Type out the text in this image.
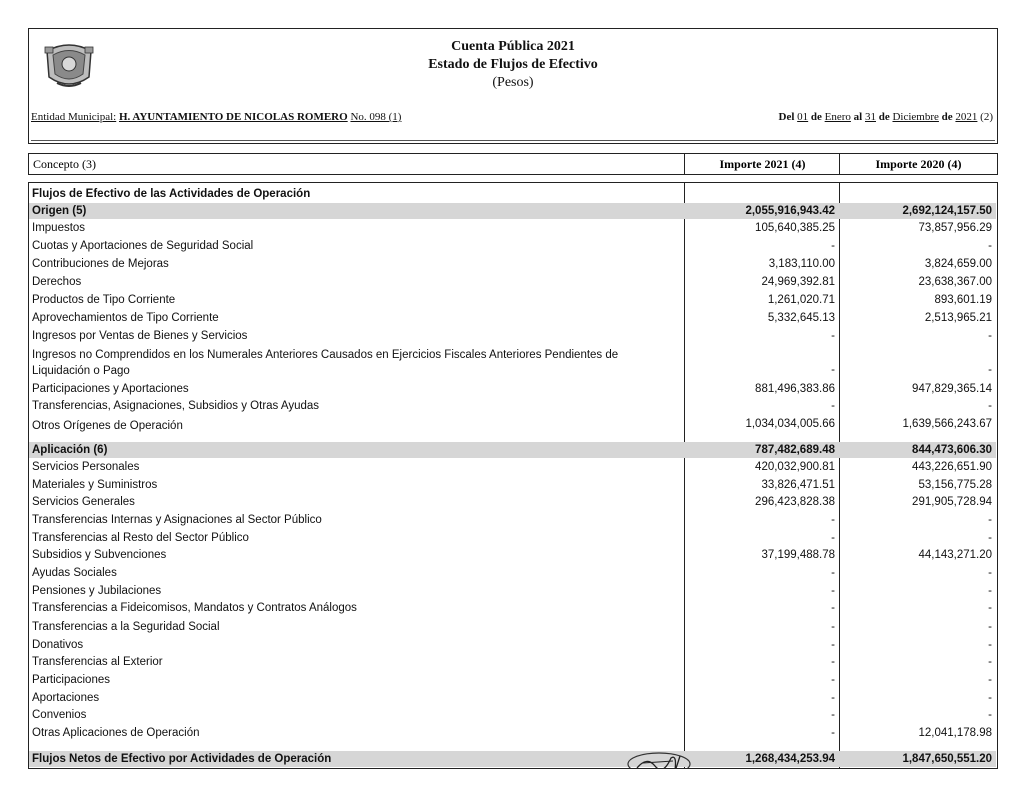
Cuenta Pública 2021
Estado de Flujos de Efectivo
(Pesos)
Entidad Municipal: H. AYUNTAMIENTO DE NICOLAS ROMERO No. 098 (1)	Del 01 de Enero al 31 de Diciembre de 2021 (2)
Concepto (3)	Importe 2021 (4)	Importe 2020 (4)
Flujos de Efectivo de las Actividades de Operación
Origen (5)	2,055,916,943.42	2,692,124,157.50
Impuestos	105,640,385.25	73,857,956.29
Cuotas y Aportaciones de Seguridad Social	-	-
Contribuciones de Mejoras	3,183,110.00	3,824,659.00
Derechos	24,969,392.81	23,638,367.00
Productos de Tipo Corriente	1,261,020.71	893,601.19
Aprovechamientos de Tipo Corriente	5,332,645.13	2,513,965.21
Ingresos por Ventas de Bienes y Servicios	-	-
Ingresos no Comprendidos en los Numerales Anteriores Causados en Ejercicios Fiscales Anteriores Pendientes de Liquidación o Pago	-	-
Participaciones y Aportaciones	881,496,383.86	947,829,365.14
Transferencias, Asignaciones, Subsidios y Otras Ayudas	-	-
Otros Orígenes de Operación	1,034,034,005.66	1,639,566,243.67
Aplicación (6)	787,482,689.48	844,473,606.30
Servicios Personales	420,032,900.81	443,226,651.90
Materiales y Suministros	33,826,471.51	53,156,775.28
Servicios Generales	296,423,828.38	291,905,728.94
Transferencias Internas y Asignaciones al Sector Público	-	-
Transferencias al Resto del Sector Público	-	-
Subsidios y Subvenciones	37,199,488.78	44,143,271.20
Ayudas Sociales	-	-
Pensiones y Jubilaciones	-	-
Transferencias a Fideicomisos, Mandatos y Contratos Análogos	-	-
Transferencias a la Seguridad Social	-	-
Donativos	-	-
Transferencias al Exterior	-	-
Participaciones	-	-
Aportaciones	-	-
Convenios	-	-
Otras Aplicaciones de Operación	-	12,041,178.98
Flujos Netos de Efectivo por Actividades de Operación	1,268,434,253.94	1,847,650,551.20
